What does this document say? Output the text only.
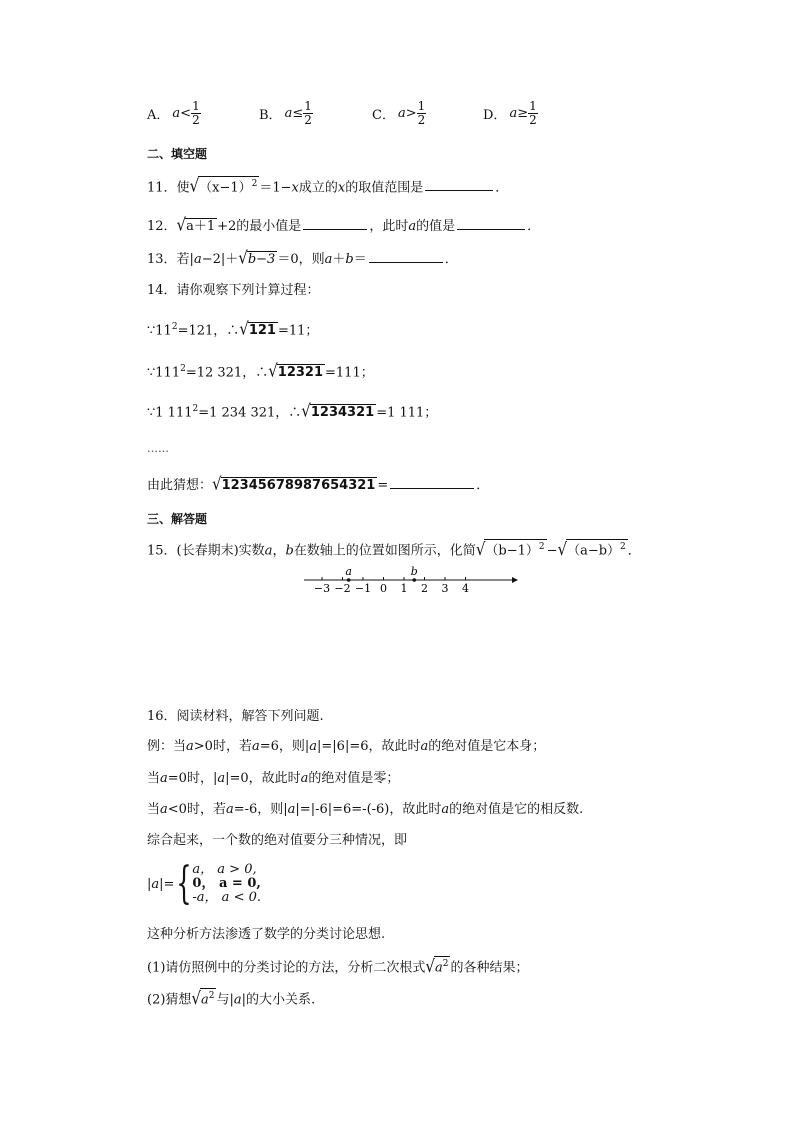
A． $a < \frac{1}{2}$	B． $a \le \frac{1}{2}$	C． $a > \frac{1}{2}$	D． $a \ge \frac{1}{2}$
二、填空题
11．使$√(x-1)^2 =1-x$成立的x的取值范围是	．
12．√a＋1 +2的最小值是	，此时a的值是	．
13．若|a−2|＋√b−3 ＝0，则a＋b＝	．
14．请你观察下列计算过程：
$\because 11^2=121$，∴√121 =11；
$\because 111^2=12$ 321，∴√12321 =111；
∵1 $111^2=1$ 234 321，∴√1234321 =1 111；
……
由此猜想：√12345678987654321 =	．
三、解答题
15．(长春期末)实数a，b在数轴上的位置如图所示，化简$√(b-1)^2 -√(a-b)^2$ ．
−3 −2 −1 0 1 2 3 4
a	b
16．阅读材料，解答下列问题.
例：当a>0时，若a=6，则|a|=|6|=6，故此时a的绝对值是它本身；
当a=0时，|a|=0，故此时a的绝对值是零；
当a<0时，若a=-6，则|a|=|-6|=6=-(-6)，故此时a的绝对值是它的相反数.
综合起来，一个数的绝对值要分三种情况，即
|a|= { a， a > 0,
0， a = 0,
-a， a < 0.
这种分析方法渗透了数学的分类讨论思想.
(1)请仿照例中的分类讨论的方法，分析二次根式$√a^2$ 的各种结果；
(2)猜想$√a^2$ 与|a|的大小关系.
